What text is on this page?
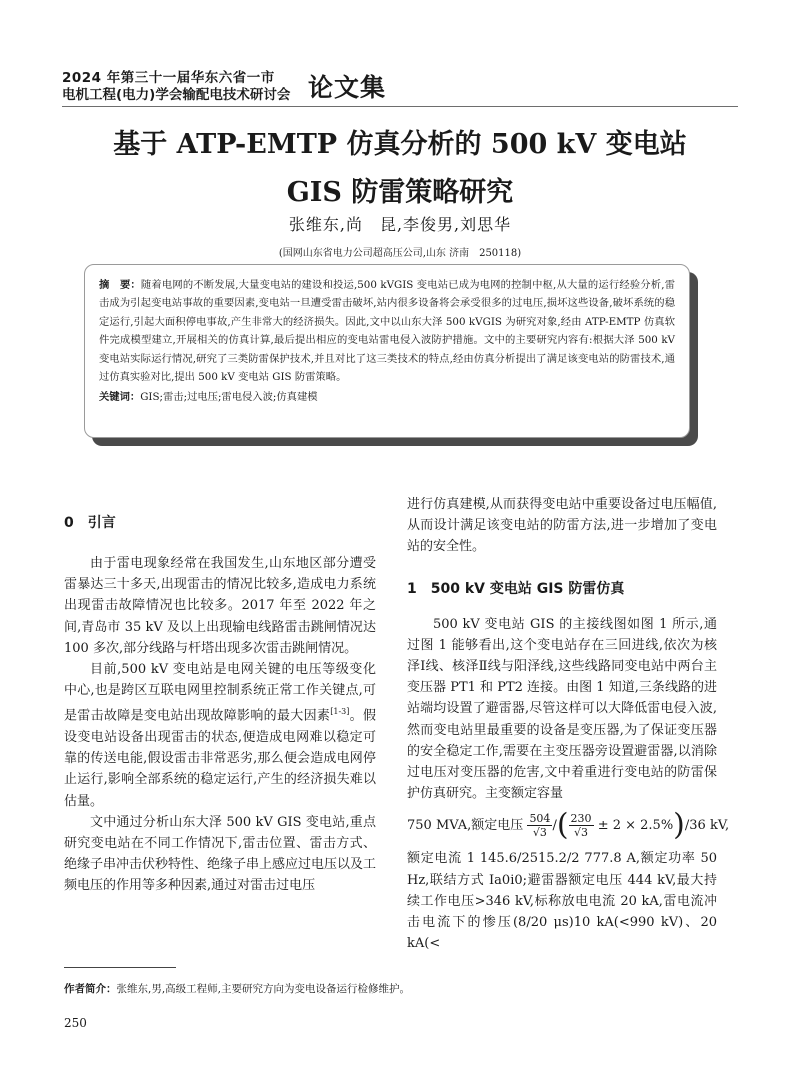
2024 年第三十一届华东六省一市
电机工程(电力)学会输配电技术研讨会 论文集
基于 ATP-EMTP 仿真分析的 500 kV 变电站
GIS 防雷策略研究
张维东,尚　昆,李俊男,刘思华
(国网山东省电力公司超高压公司,山东 济南　250118)
摘　要：随着电网的不断发展,大量变电站的建设和投运,500 kVGIS 变电站已成为电网的控制中枢,从大量的运行经验分析,雷击成为引起变电站事故的重要因素,变电站一旦遭受雷击破坏,站内很多设备将会承受很多的过电压,损坏这些设备,破坏系统的稳定运行,引起大面积停电事故,产生非常大的经济损失。因此,文中以山东大泽 500 kVGIS 为研究对象,经由 ATP-EMTP 仿真软件完成模型建立,开展相关的仿真计算,最后提出相应的变电站雷电侵入波防护措施。文中的主要研究内容有:根据大泽 500 kV 变电站实际运行情况,研究了三类防雷保护技术,并且对比了这三类技术的特点,经由仿真分析提出了满足该变电站的防雷技术,通过仿真实验对比,提出 500 kV 变电站 GIS 防雷策略。
关键词：GIS;雷击;过电压;雷电侵入波;仿真建模
0　引言

由于雷电现象经常在我国发生,山东地区部分遭受雷暴达三十多天,出现雷击的情况比较多,造成电力系统出现雷击故障情况也比较多。2017 年至 2022 年之间,青岛市 35 kV 及以上出现输电线路雷击跳闸情况达 100 多次,部分线路与杆塔出现多次雷击跳闸情况。

目前,500 kV 变电站是电网关键的电压等级变化中心,也是跨区互联电网里控制系统正常工作关键点,可是雷击故障是变电站出现故障影响的最大因素[1-3]。假设变电站设备出现雷击的状态,便造成电网难以稳定可靠的传送电能,假设雷击非常恶劣,那么便会造成电网停止运行,影响全部系统的稳定运行,产生的经济损失难以估量。

文中通过分析山东大泽 500 kV GIS 变电站,重点研究变电站在不同工作情况下,雷击位置、雷击方式、绝缘子串冲击伏秒特性、绝缘子串上感应过电压以及工频电压的作用等多种因素,通过对雷击过电压

进行仿真建模,从而获得变电站中重要设备过电压幅值,从而设计满足该变电站的防雷方法,进一步增加了变电站的安全性。

1　500 kV 变电站 GIS 防雷仿真

500 kV 变电站 GIS 的主接线图如图 1 所示,通过图 1 能够看出,这个变电站存在三回进线,依次为核泽Ⅰ线、核泽Ⅱ线与阳泽线,这些线路同变电站中两台主变压器 PT1 和 PT2 连接。由图 1 知道,三条线路的进站端均设置了避雷器,尽管这样可以大降低雷电侵入波,然而变电站里最重要的设备是变压器,为了保证变压器的安全稳定工作,需要在主变压器旁设置避雷器,以消除过电压对变压器的危害,文中着重进行变电站的防雷保护仿真研究。主变额定容量

750 MVA,额定电压 $\frac{504}{√3}$ /( $\frac{230}{√3} \pm 2 \times 2.5\%)/36$ kV,

额定电流 1 145.6/2515.2/2 777.8 A,额定功率 50 Hz,联结方式 Ia0i0;避雷器额定电压 444 kV,最大持续工作电压>346 kV,标称放电电流 20 kA,雷电流冲击电流下的惨压(8/20 μs)10 kA(<990 kV)、20 kA(<

作者简介：张维东,男,高级工程师,主要研究方向为变电设备运行检修维护。
250
